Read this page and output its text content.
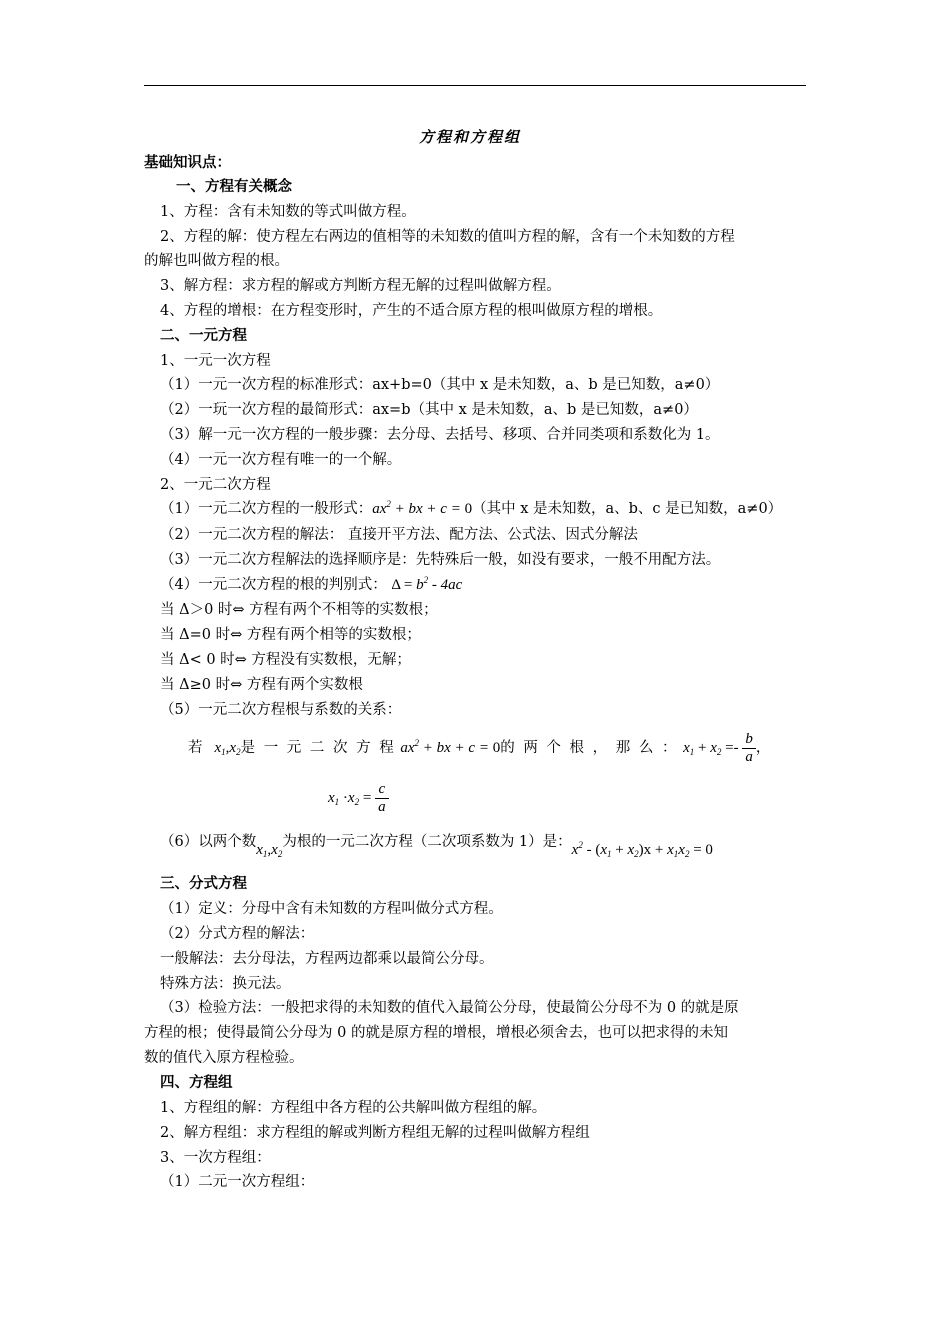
方程和方程组
基础知识点：
一、方程有关概念
1、方程：含有未知数的等式叫做方程。
2、方程的解：使方程左右两边的值相等的未知数的值叫方程的解，含有一个未知数的方程
的解也叫做方程的根。
3、解方程：求方程的解或方判断方程无解的过程叫做解方程。
4、方程的增根：在方程变形时，产生的不适合原方程的根叫做原方程的增根。
二、一元方程
1、一元一次方程
（1）一元一次方程的标准形式：ax+b=0（其中 x 是未知数，a、b 是已知数，a≠0）
（2）一玩一次方程的最简形式：ax=b（其中 x 是未知数，a、b 是已知数，a≠0）
（3）解一元一次方程的一般步骤：去分母、去括号、移项、合并同类项和系数化为 1。
（4）一元一次方程有唯一的一个解。
2、一元二次方程
（1）一元二次方程的一般形式：$ax^2$ + bx + c = 0（其中 x 是未知数，a、b、c 是已知数，a≠0）
（2）一元二次方程的解法： 直接开平方法、配方法、公式法、因式分解法
（3）一元二次方程解法的选择顺序是：先特殊后一般，如没有要求，一般不用配方法。
（4）一元二次方程的根的判别式： $\Delta = b^2 - 4ac$
当 Δ＞0 时⇔ 方程有两个不相等的实数根；
当 Δ=0 时⇔ 方程有两个相等的实数根；
当 Δ< 0 时⇔ 方程没有实数根，无解；
当 Δ≥0 时⇔ 方程有两个实数根
（5）一元二次方程根与系数的关系：
若$x_1,x_2$是 一 元 二 次 方 程 $ax^2$ + bx + c = 0的 两 个 根 ， 那 么 ： $x_1 + x_2 =- \frac{b}{a}$ ，
$x_1 \cdot x_2 = \frac{c}{a}$
（6）以两个数$x_1,x_2$为根的一元二次方程（二次项系数为 1）是：$x^2 - (x_1 + x_2)x + x_1x_2 = 0$
三、分式方程
（1）定义：分母中含有未知数的方程叫做分式方程。
（2）分式方程的解法：
一般解法：去分母法，方程两边都乘以最简公分母。
特殊方法：换元法。
（3）检验方法：一般把求得的未知数的值代入最简公分母，使最简公分母不为 0 的就是原
方程的根；使得最简公分母为 0 的就是原方程的增根，增根必须舍去，也可以把求得的未知
数的值代入原方程检验。
四、方程组
1、方程组的解：方程组中各方程的公共解叫做方程组的解。
2、解方程组：求方程组的解或判断方程组无解的过程叫做解方程组
3、一次方程组：
（1）二元一次方程组：
